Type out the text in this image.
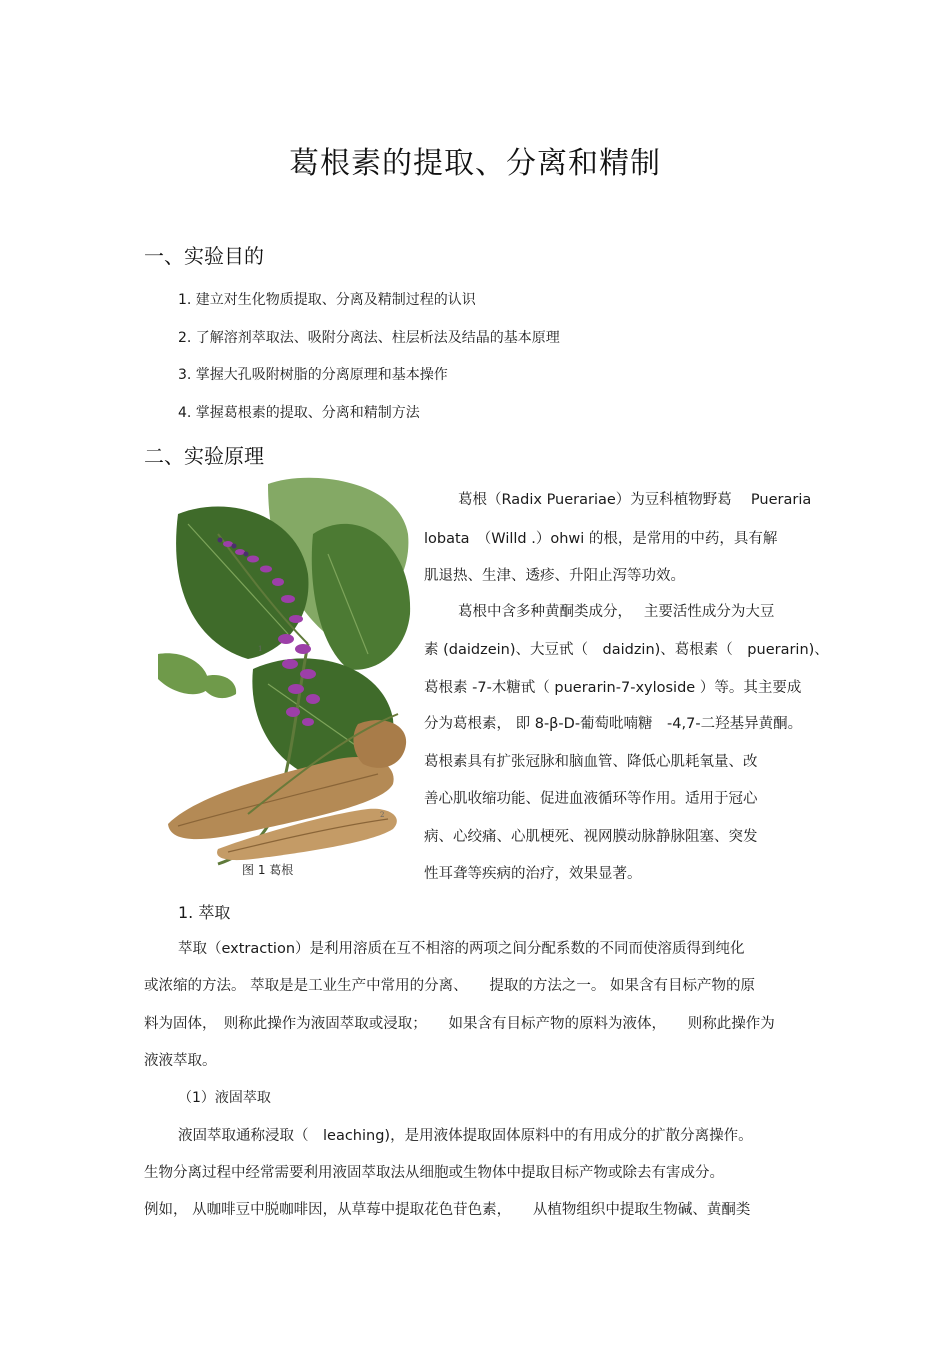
葛根素的提取、分离和精制
一、实验目的
1. 建立对生化物质提取、分离及精制过程的认识
2. 了解溶剂萃取法、吸附分离法、柱层析法及结晶的基本原理
3. 掌握大孔吸附树脂的分离原理和基本操作
4. 掌握葛根素的提取、分离和精制方法
二、实验原理
1
2
图 1 葛根
葛根（Radix Puerariae）为豆科植物野葛　 Pueraria
lobata　（Willd .）ohwi 的根，是常用的中药，具有解
肌退热、生津、透疹、升阳止泻等功效。
葛根中含多种黄酮类成分，　 主要活性成分为大豆
素 (daidzein)、大豆甙（　daidzin)、葛根素（　puerarin)、
葛根素 -7-木糖甙（ puerarin-7-xyloside ）等。其主要成
分为葛根素， 即 8-β-D-葡萄吡喃糖　-4,7-二羟基异黄酮。
葛根素具有扩张冠脉和脑血管、降低心肌耗氧量、改
善心肌收缩功能、促进血液循环等作用。适用于冠心
病、心绞痛、心肌梗死、视网膜动脉静脉阻塞、突发
性耳聋等疾病的治疗，效果显著。
1. 萃取
萃取（extraction）是利用溶质在互不相溶的两项之间分配系数的不同而使溶质得到纯化
或浓缩的方法。 萃取是是工业生产中常用的分离、　　提取的方法之一。 如果含有目标产物的原
料为固体，　则称此操作为液固萃取或浸取；　　如果含有目标产物的原料为液体，　　则称此操作为
液液萃取。
（1）液固萃取
液固萃取通称浸取（　leaching)，是用液体提取固体原料中的有用成分的扩散分离操作。
生物分离过程中经常需要利用液固萃取法从细胞或生物体中提取目标产物或除去有害成分。
例如， 从咖啡豆中脱咖啡因，从草莓中提取花色苷色素，　　从植物组织中提取生物碱、黄酮类
